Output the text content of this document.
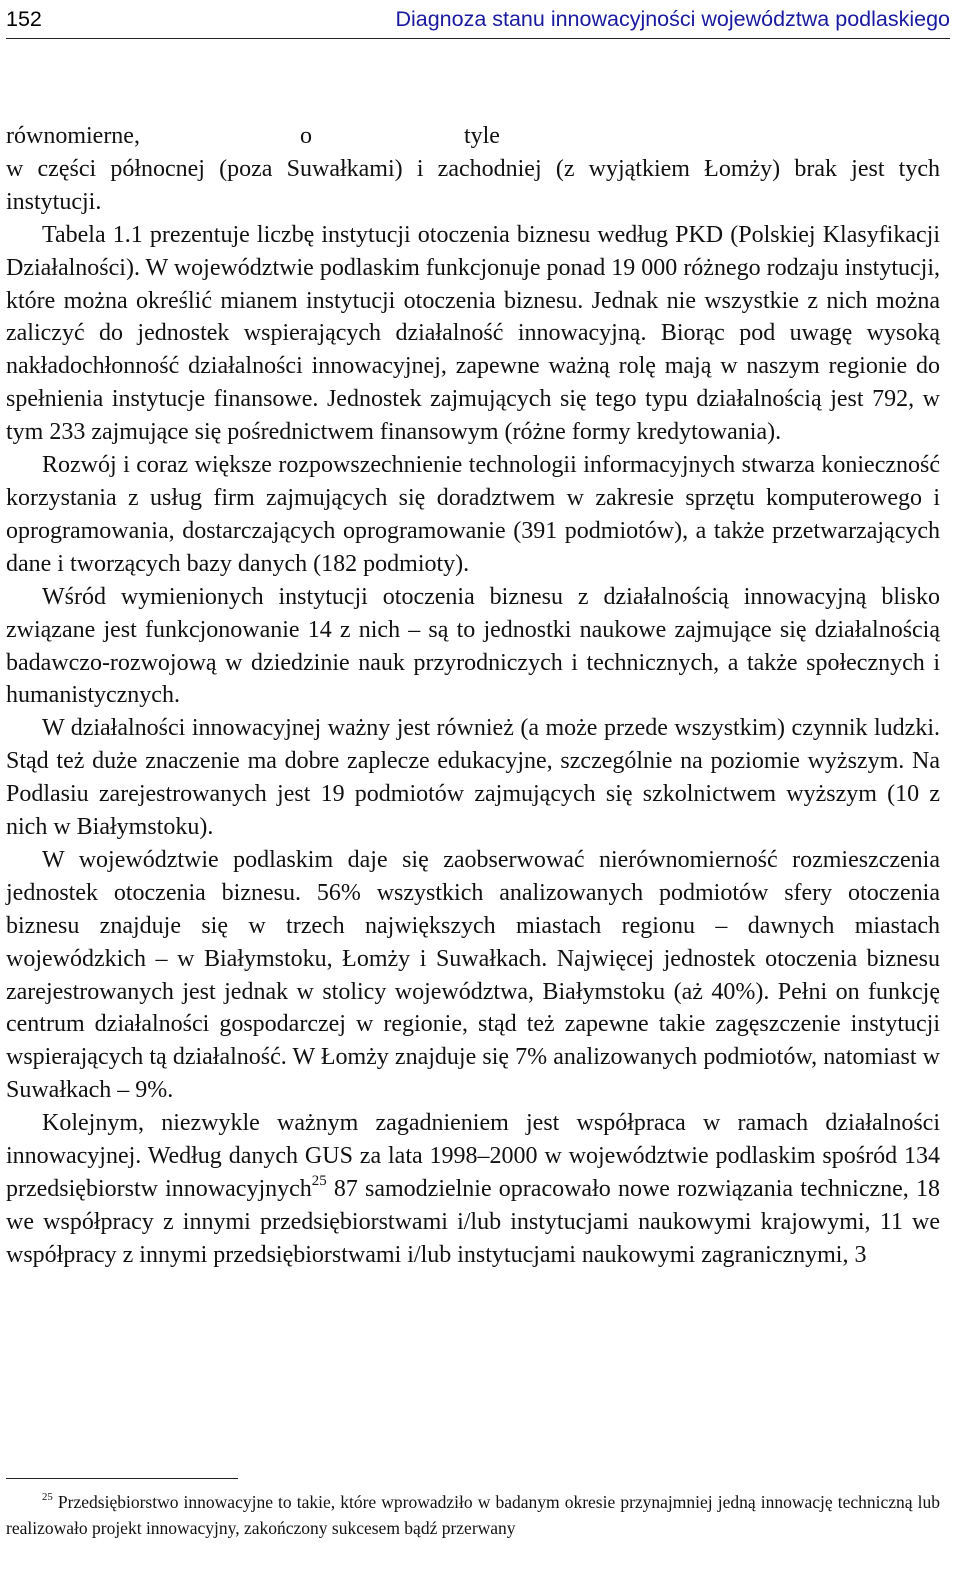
152	Diagnoza stanu innowacyjności województwa podlaskiego

równomierne,	o	tyle
w części północnej (poza Suwałkami) i zachodniej (z wyjątkiem Łomży) brak jest tych instytucji.

Tabela 1.1 prezentuje liczbę instytucji otoczenia biznesu według PKD (Polskiej Klasyfikacji Działalności). W województwie podlaskim funkcjonuje ponad 19 000 różnego rodzaju instytucji, które można określić mianem instytucji otoczenia biznesu. Jednak nie wszystkie z nich można zaliczyć do jednostek wspierających działalność innowacyjną. Biorąc pod uwagę wysoką nakładochłonność działalności innowacyjnej, zapewne ważną rolę mają w naszym regionie do spełnienia instytucje finansowe. Jednostek zajmujących się tego typu działalnością jest 792, w tym 233 zajmujące się pośrednictwem finansowym (różne formy kredytowania).

Rozwój i coraz większe rozpowszechnienie technologii informacyjnych stwarza konieczność korzystania z usług firm zajmujących się doradztwem w zakresie sprzętu komputerowego i oprogramowania, dostarczających oprogramowanie (391 podmiotów), a także przetwarzających dane i tworzących bazy danych (182 podmioty).

Wśród wymienionych instytucji otoczenia biznesu z działalnością innowacyjną blisko związane jest funkcjonowanie 14 z nich – są to jednostki naukowe zajmujące się działalnością badawczo-rozwojową w dziedzinie nauk przyrodniczych i technicznych, a także społecznych i humanistycznych.

W działalności innowacyjnej ważny jest również (a może przede wszystkim) czynnik ludzki. Stąd też duże znaczenie ma dobre zaplecze edukacyjne, szczególnie na poziomie wyższym. Na Podlasiu zarejestrowanych jest 19 podmiotów zajmujących się szkolnictwem wyższym (10 z nich w Białymstoku).

W województwie podlaskim daje się zaobserwować nierównomierność rozmieszczenia jednostek otoczenia biznesu. 56% wszystkich analizowanych podmiotów sfery otoczenia biznesu znajduje się w trzech największych miastach regionu – dawnych miastach wojewódzkich – w Białymstoku, Łomży i Suwałkach. Najwięcej jednostek otoczenia biznesu zarejestrowanych jest jednak w stolicy województwa, Białymstoku (aż 40%). Pełni on funkcję centrum działalności gospodarczej w regionie, stąd też zapewne takie zagęszczenie instytucji wspierających tą działalność. W Łomży znajduje się 7% analizowanych podmiotów, natomiast w Suwałkach – 9%.

Kolejnym, niezwykle ważnym zagadnieniem jest współpraca w ramach działalności innowacyjnej. Według danych GUS za lata 1998–2000 w województwie podlaskim spośród 134 przedsiębiorstw innowacyjnych$^{25}$ 87 samodzielnie opracowało nowe rozwiązania techniczne, 18 we współpracy z innymi przedsiębiorstwami i/lub instytucjami naukowymi krajowymi, 11 we współpracy z innymi przedsiębiorstwami i/lub instytucjami naukowymi zagranicznymi, 3

$^{25}$ Przedsiębiorstwo innowacyjne to takie, które wprowadziło w badanym okresie przynajmniej jedną innowację techniczną lub realizowało projekt innowacyjny, zakończony sukcesem bądź przerwany
